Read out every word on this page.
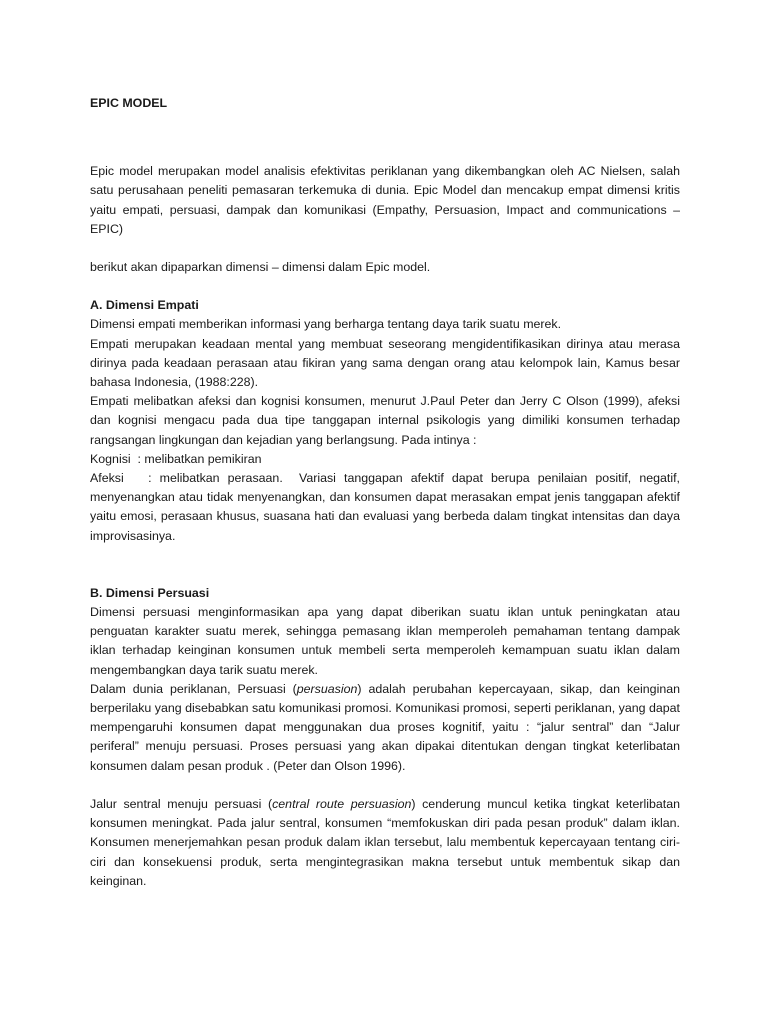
EPIC MODEL

Epic model merupakan model analisis efektivitas periklanan yang dikembangkan oleh AC Nielsen, salah satu perusahaan peneliti pemasaran terkemuka di dunia. Epic Model dan mencakup empat dimensi kritis yaitu empati, persuasi, dampak dan komunikasi (Empathy, Persuasion, Impact and communications – EPIC)

berikut akan dipaparkan dimensi – dimensi dalam Epic model.

A. Dimensi Empati

Dimensi empati memberikan informasi yang berharga tentang daya tarik suatu merek.

Empati merupakan keadaan mental yang membuat seseorang mengidentifikasikan dirinya atau merasa dirinya pada keadaan perasaan atau fikiran yang sama dengan orang atau kelompok lain, Kamus besar bahasa Indonesia, (1988:228).

Empati melibatkan afeksi dan kognisi konsumen, menurut J.Paul Peter dan Jerry C Olson (1999), afeksi dan kognisi mengacu pada dua tipe tanggapan internal psikologis yang dimiliki konsumen terhadap rangsangan lingkungan dan kejadian yang berlangsung. Pada intinya :

Kognisi  : melibatkan pemikiran

Afeksi   : melibatkan perasaan.  Variasi tanggapan afektif dapat berupa penilaian positif, negatif, menyenangkan atau tidak menyenangkan, dan konsumen dapat merasakan empat jenis tanggapan afektif yaitu emosi, perasaan khusus, suasana hati dan evaluasi yang berbeda dalam tingkat intensitas dan daya improvisasinya.

B. Dimensi Persuasi

Dimensi persuasi menginformasikan apa yang dapat diberikan suatu iklan untuk peningkatan atau penguatan karakter suatu merek, sehingga pemasang iklan memperoleh pemahaman tentang dampak iklan terhadap keinginan konsumen untuk membeli serta memperoleh kemampuan suatu iklan dalam mengembangkan daya tarik suatu merek.

Dalam dunia periklanan, Persuasi (persuasion) adalah perubahan kepercayaan, sikap, dan keinginan berperilaku yang disebabkan satu komunikasi promosi. Komunikasi promosi, seperti periklanan, yang dapat mempengaruhi konsumen dapat menggunakan dua proses kognitif, yaitu : “jalur sentral” dan “Jalur periferal” menuju persuasi. Proses persuasi yang akan dipakai ditentukan dengan tingkat keterlibatan konsumen dalam pesan produk . (Peter dan Olson 1996).

Jalur sentral menuju persuasi (central route persuasion) cenderung muncul ketika tingkat keterlibatan konsumen meningkat. Pada jalur sentral, konsumen “memfokuskan diri pada pesan produk” dalam iklan. Konsumen menerjemahkan pesan produk dalam iklan tersebut, lalu membentuk kepercayaan tentang ciri-ciri dan konsekuensi produk, serta mengintegrasikan makna tersebut untuk membentuk sikap dan keinginan.
